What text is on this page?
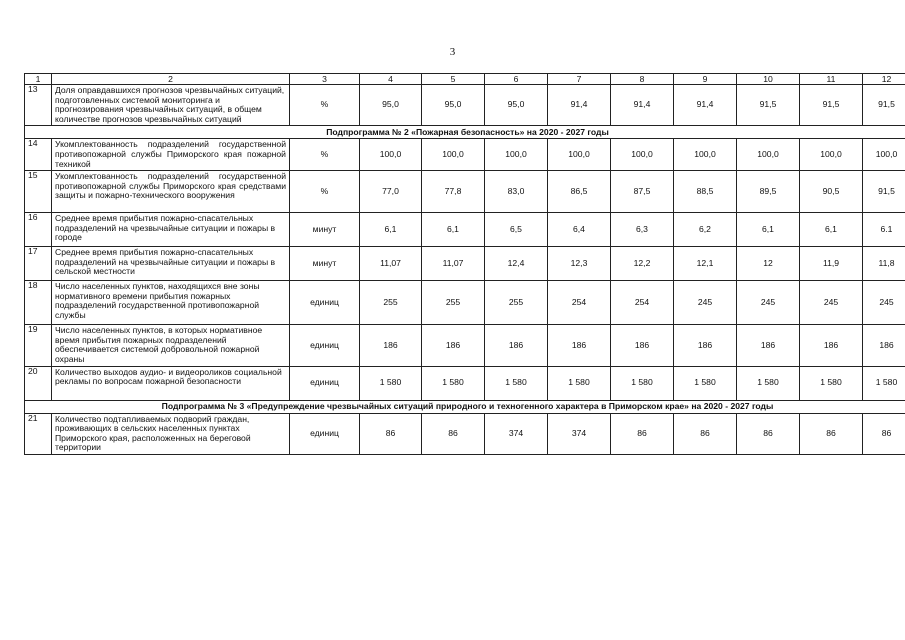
3
1	2	3	4	5	6	7	8	9	10	11	12
13	Доля оправдавшихся прогнозов чрезвычайных ситуаций, подготовленных системой мониторинга и прогнозирования чрезвычайных ситуаций, в общем количестве прогнозов чрезвычайных ситуаций	%	95,0	95,0	95,0	91,4	91,4	91,4	91,5	91,5	91,5
Подпрограмма № 2 «Пожарная безопасность» на 2020 - 2027 годы											
14	Укомплектованность подразделений государственной противопожарной службы Приморского края пожарной техникой	%	100,0	100,0	100,0	100,0	100,0	100,0	100,0	100,0	100,0
15	Укомплектованность подразделений государственной противопожарной службы Приморского края средствами защиты и пожарно-технического вооружения	%	77,0	77,8	83,0	86,5	87,5	88,5	89,5	90,5	91,5
16	Среднее время прибытия пожарно-спасательных подразделений на чрезвычайные ситуации и пожары в городе	минут	6,1	6,1	6,5	6,4	6,3	6,2	6,1	6,1	6.1
17	Среднее время прибытия пожарно-спасательных подразделений на чрезвычайные ситуации и пожары в сельской местности	минут	11,07	11,07	12,4	12,3	12,2	12,1	12	11,9	11,8
18	Число населенных пунктов, находящихся вне зоны нормативного времени прибытия пожарных подразделений государственной противопожарной службы	единиц	255	255	255	254	254	245	245	245	245
19	Число населенных пунктов, в которых нормативное время прибытия пожарных подразделений обеспечивается системой добровольной пожарной охраны	единиц	186	186	186	186	186	186	186	186	186
20	Количество выходов аудио- и видеороликов социальной рекламы по вопросам пожарной безопасности	единиц	1 580	1 580	1 580	1 580	1 580	1 580	1 580	1 580	1 580
Подпрограмма № 3 «Предупреждение чрезвычайных ситуаций природного и техногенного характера в Приморском крае» на 2020 - 2027 годы											
21	Количество подтапливаемых подворий граждан, проживающих в сельских населенных пунктах Приморского края, расположенных на береговой территории	единиц	86	86	374	374	86	86	86	86	86
